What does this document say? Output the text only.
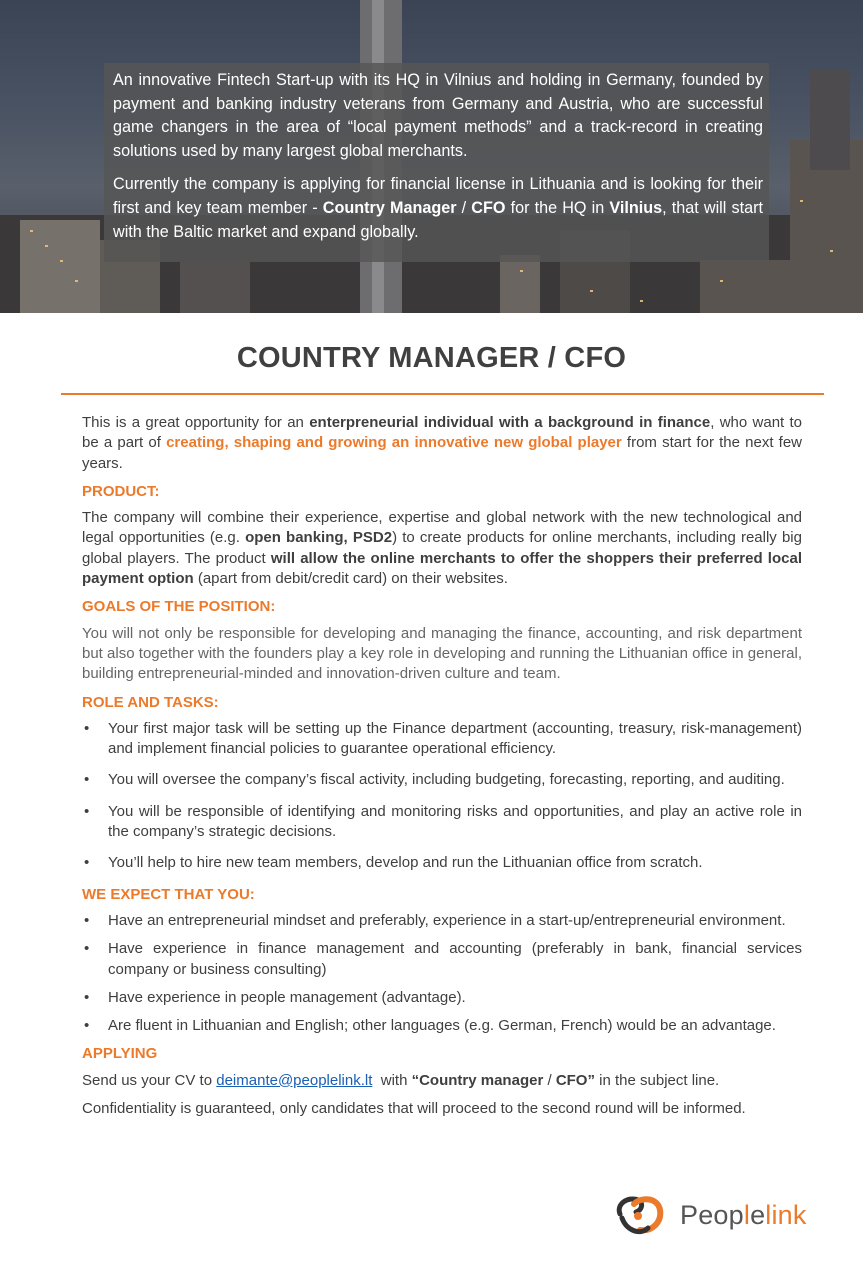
An innovative Fintech Start-up with its HQ in Vilnius and holding in Germany, founded by payment and banking industry veterans from Germany and Austria, who are successful game changers in the area of “local payment methods” and a track-record in creating solutions used by many largest global merchants.

Currently the company is applying for financial license in Lithuania and is looking for their first and key team member - Country Manager / CFO for the HQ in Vilnius, that will start with the Baltic market and expand globally.

COUNTRY MANAGER / CFO

This is a great opportunity for an enterpreneurial individual with a background in finance, who want to be a part of creating, shaping and growing an innovative new global player from start for the next few years.

PRODUCT:

The company will combine their experience, expertise and global network with the new technological and legal opportunities (e.g. open banking, PSD2) to create products for online merchants, including really big global players. The product will allow the online merchants to offer the shoppers their preferred local payment option (apart from debit/credit card) on their websites.

GOALS OF THE POSITION:

You will not only be responsible for developing and managing the finance, accounting, and risk department but also together with the founders play a key role in developing and running the Lithuanian office in general, building entrepreneurial-minded and innovation-driven culture and team.

ROLE AND TASKS:
• Your first major task will be setting up the Finance department (accounting, treasury, risk-management) and implement financial policies to guarantee operational efficiency.
• You will oversee the company’s fiscal activity, including budgeting, forecasting, reporting, and auditing.
• You will be responsible of identifying and monitoring risks and opportunities, and play an active role in the company’s strategic decisions.
• You’ll help to hire new team members, develop and run the Lithuanian office from scratch.
WE EXPECT THAT YOU:
• Have an entrepreneurial mindset and preferably, experience in a start-up/entrepreneurial environment.
• Have experience in finance management and accounting (preferably in bank, financial services company or business consulting)
• Have experience in people management (advantage).
• Are fluent in Lithuanian and English; other languages (e.g. German, French) would be an advantage.
APPLYING

Send us your CV to deimante@peoplelink.lt  with “Country manager / CFO” in the subject line.

Confidentiality is guaranteed, only candidates that will proceed to the second round will be informed.

Peoplelink
